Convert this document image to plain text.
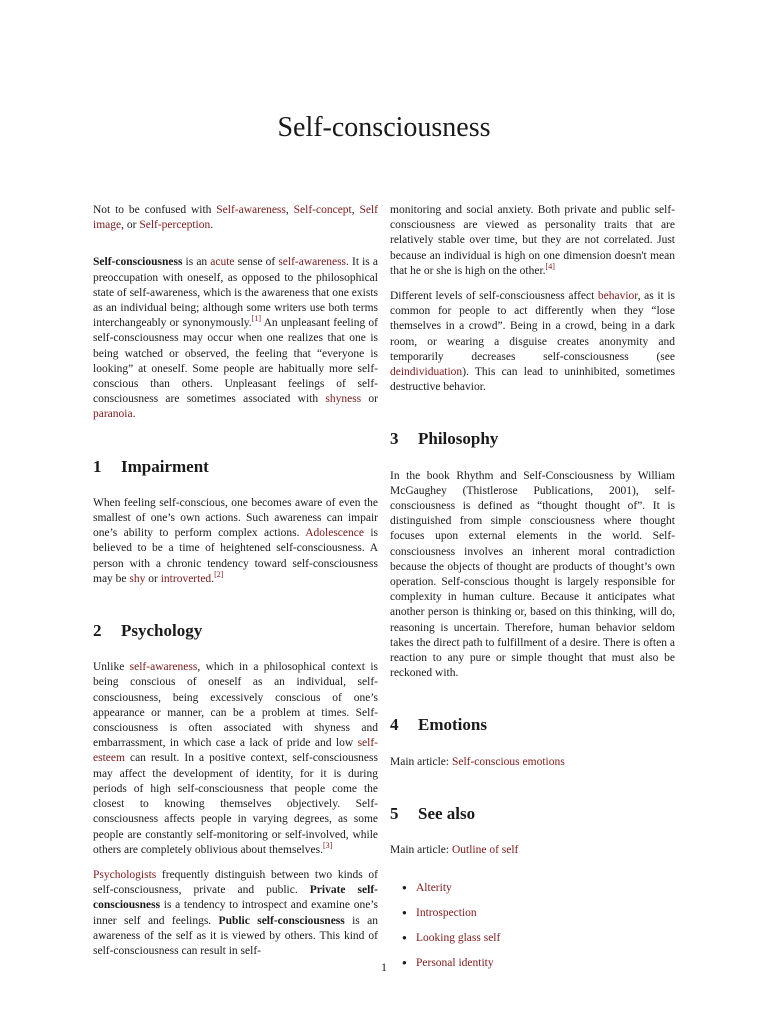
Self-consciousness

Not to be confused with Self-awareness, Self-concept, Self image, or Self-perception.

Self-consciousness is an acute sense of self-awareness. It is a preoccupation with oneself, as opposed to the philosophical state of self-awareness, which is the awareness that one exists as an individual being; although some writers use both terms interchangeably or synonymously.[1] An unpleasant feeling of self-consciousness may occur when one realizes that one is being watched or observed, the feeling that “everyone is looking” at oneself. Some people are habitually more self-conscious than others. Unpleasant feelings of self-consciousness are sometimes associated with shyness or paranoia.

1 Impairment

When feeling self-conscious, one becomes aware of even the smallest of one’s own actions. Such awareness can impair one’s ability to perform complex actions. Adolescence is believed to be a time of heightened self-consciousness. A person with a chronic tendency toward self-consciousness may be shy or introverted.[2]

2 Psychology

Unlike self-awareness, which in a philosophical context is being conscious of oneself as an individual, self-consciousness, being excessively conscious of one’s appearance or manner, can be a problem at times. Self-consciousness is often associated with shyness and embarrassment, in which case a lack of pride and low self-esteem can result. In a positive context, self-consciousness may affect the development of identity, for it is during periods of high self-consciousness that people come the closest to knowing themselves objectively. Self-consciousness affects people in varying degrees, as some people are constantly self-monitoring or self-involved, while others are completely oblivious about themselves.[3]

Psychologists frequently distinguish between two kinds of self-consciousness, private and public. Private self-consciousness is a tendency to introspect and examine one’s inner self and feelings. Public self-consciousness is an awareness of the self as it is viewed by others. This kind of self-consciousness can result in self-

monitoring and social anxiety. Both private and public self-consciousness are viewed as personality traits that are relatively stable over time, but they are not correlated. Just because an individual is high on one dimension doesn't mean that he or she is high on the other.[4]

Different levels of self-consciousness affect behavior, as it is common for people to act differently when they “lose themselves in a crowd”. Being in a crowd, being in a dark room, or wearing a disguise creates anonymity and temporarily decreases self-consciousness (see deindividuation). This can lead to uninhibited, sometimes destructive behavior.

3 Philosophy

In the book Rhythm and Self-Consciousness by William McGaughey (Thistlerose Publications, 2001), self-consciousness is defined as “thought thought of”. It is distinguished from simple consciousness where thought focuses upon external elements in the world. Self-consciousness involves an inherent moral contradiction because the objects of thought are products of thought’s own operation. Self-conscious thought is largely responsible for complexity in human culture. Because it anticipates what another person is thinking or, based on this thinking, will do, reasoning is uncertain. Therefore, human behavior seldom takes the direct path to fulfillment of a desire. There is often a reaction to any pure or simple thought that must also be reckoned with.

4 Emotions

Main article: Self-conscious emotions

5 See also

Main article: Outline of self

● Alterity
● Introspection
● Looking glass self
● Personal identity
1
